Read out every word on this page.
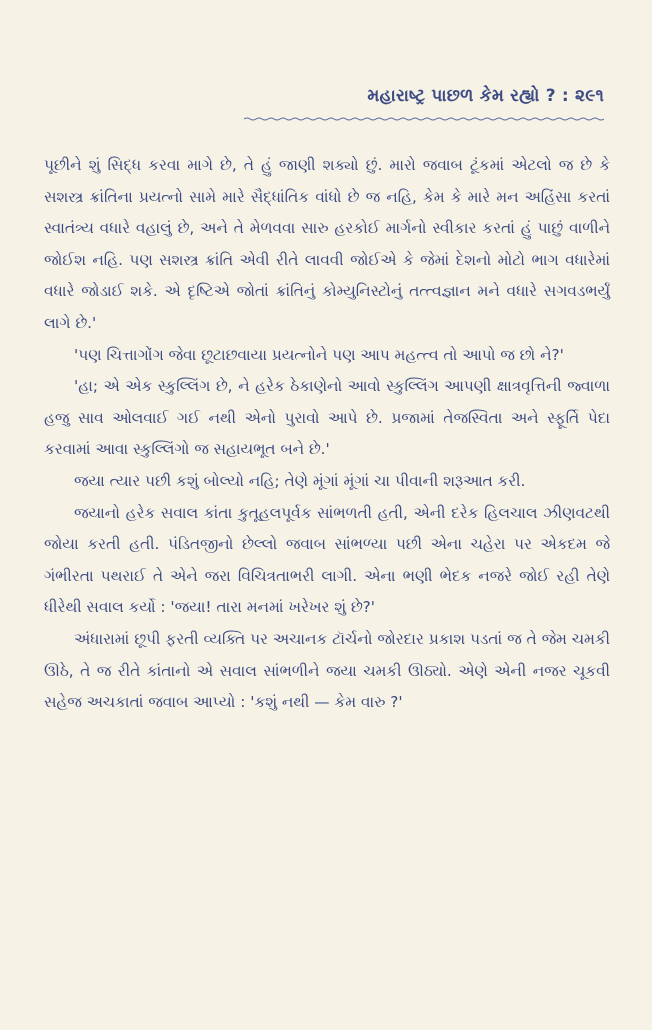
મહારાષ્ટ્ર પાછળ કેમ રહ્યો ? : ૨૯૧

પૂછીને શું સિદ્ધ કરવા માગે છે, તે હું જાણી શક્યો છું. મારો જવાબ ટૂંકમાં એટલો જ છે કે સશસ્ત્ર ક્રાંતિના પ્રયત્નો સામે મારે સૈદ્ધાંતિક વાંધો છે જ નહિ, કેમ કે મારે મન અહિંસા કરતાં સ્વાતંત્ર્ય વધારે વહાલું છે, અને તે મેળવવા સારુ હરકોઈ માર્ગનો સ્વીકાર કરતાં હું પાછું વાળીને જોઈશ નહિ. પણ સશસ્ત્ર ક્રાંતિ એવી રીતે લાવવી જોઈએ કે જેમાં દેશનો મોટો ભાગ વધારેમાં વધારે જોડાઈ શકે. એ દૃષ્ટિએ જોતાં ક્રાંતિનું કોમ્યુનિસ્ટોનું તત્ત્વજ્ઞાન મને વધારે સગવડભર્યું લાગે છે.'

'પણ ચિત્તાગોંગ જેવા છૂટાછવાયા પ્રયત્નોને પણ આપ મહત્ત્વ તો આપો જ છો ને?'

'હા; એ એક સ્કુલ્લિંગ છે, ને હરેક ઠેકાણેનો આવો સ્કુલ્લિંગ આપણી ક્ષાત્રવૃત્તિની જ્વાળા હજુ સાવ ઓલવાઈ ગઈ નથી એનો પુરાવો આપે છે. પ્રજામાં તેજસ્વિતા અને સ્ફૂર્તિ પેદા કરવામાં આવા સ્કુલ્લિંગો જ સહાયભૂત બને છે.'

જયા ત્યાર પછી કશું બોલ્યો નહિ; તેણે મૂંગાં મૂંગાં ચા પીવાની શરૂઆત કરી.

જયાનો હરેક સવાલ કાંતા કુતૂહલપૂર્વક સાંભળતી હતી, એની દરેક હિલચાલ ઝીણવટથી જોયા કરતી હતી. પંડિતજીનો છેલ્લો જવાબ સાંભળ્યા પછી એના ચહેરા પર એકદમ જે ગંભીરતા પથરાઈ તે એને જરા વિચિત્રતાભરી લાગી. એના ભણી ભેદક નજરે જોઈ રહી તેણે ધીરેથી સવાલ કર્યો : 'જયા! તારા મનમાં ખરેખર શું છે?'

અંધારામાં છૂપી ફરતી વ્યક્તિ પર અચાનક ટૉર્ચનો જોરદાર પ્રકાશ પડતાં જ તે જેમ ચમકી ઊઠે, તે જ રીતે કાંતાનો એ સવાલ સાંભળીને જયા ચમકી ઊઠ્યો. એણે એની નજર ચૂકવી સહેજ અચકાતાં જવાબ આપ્યો : 'કશું નથી — કેમ વારુ ?'
